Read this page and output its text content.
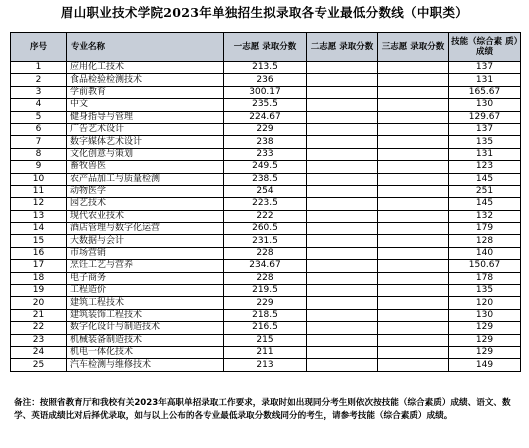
眉山职业技术学院2023年单独招生拟录取各专业最低分数线（中职类）
序号	专业名称	一志愿 录取分数	二志愿 录取分数	三志愿 录取分数	技能（综合素 质）成绩
1	应用化工技术	213.5			137
2	食品检验检测技术	236			131
3	学前教育	300.17			165.67
4	中文	235.5			130
5	健身指导与管理	224.67			129.67
6	广告艺术设计	229			137
7	数字媒体艺术设计	238			135
8	文化创意与策划	233			131
9	畜牧兽医	249.5			123
10	农产品加工与质量检测	238.5			145
11	动物医学	254			251
12	园艺技术	223.5			145
13	现代农业技术	222			132
14	酒店管理与数字化运营	260.5			179
15	大数据与会计	231.5			128
16	市场营销	228			140
17	烹饪工艺与营养	234.67			150.67
18	电子商务	228			178
19	工程造价	219.5			135
20	建筑工程技术	229			120
21	建筑装饰工程技术	218.5			130
22	数字化设计与制造技术	216.5			129
23	机械装备制造技术	215			129
24	机电一体化技术	211			129
25	汽车检测与维修技术	213			149
备注：按照省教育厅和我校有关2023年高职单招录取工作要求，录取时如出现同分考生则依次按技能（综合素质）成绩、语文、数学、英语成绩比对后择优录取，如与以上公布的各专业最低录取分数线同分的考生，请参考技能（综合素质）成绩。
